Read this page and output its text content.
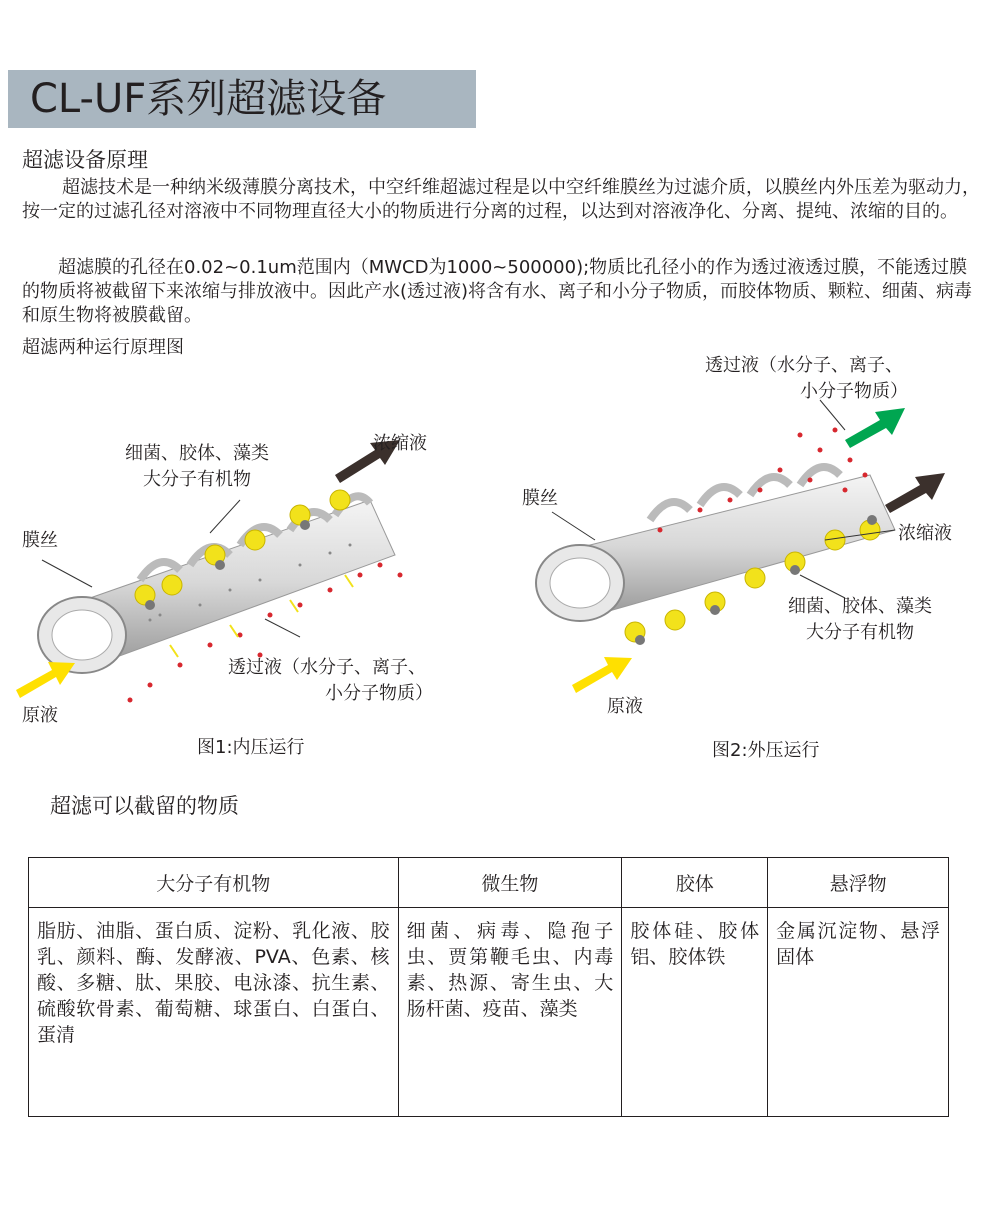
CL-UF系列超滤设备
超滤设备原理

超滤技术是一种纳米级薄膜分离技术，中空纤维超滤过程是以中空纤维膜丝为过滤介质，以膜丝内外压差为驱动力，按一定的过滤孔径对溶液中不同物理直径大小的物质进行分离的过程，以达到对溶液净化、分离、提纯、浓缩的目的。

超滤膜的孔径在0.02~0.1um范围内（MWCD为1000~500000);物质比孔径小的作为透过液透过膜，不能透过膜的物质将被截留下来浓缩与排放液中。因此产水(透过液)将含有水、离子和小分子物质，而胶体物质、颗粒、细菌、病毒和原生物将被膜截留。

超滤两种运行原理图
膜丝
细菌、胶体、藻类
大分子有机物
浓缩液
透过液（水分子、离子、
小分子物质）
原液
图1:内压运行
透过液（水分子、离子、
小分子物质）
膜丝
浓缩液
细菌、胶体、藻类
大分子有机物
原液
图2:外压运行
超滤可以截留的物质
大分子有机物	微生物	胶体	悬浮物
脂肪、油脂、蛋白质、淀粉、乳化液、胶乳、颜料、酶、发酵液、PVA、色素、核酸、多糖、肽、果胶、电泳漆、抗生素、硫酸软骨素、葡萄糖、球蛋白、白蛋白、蛋清	细菌、病毒、隐孢子虫、贾第鞭毛虫、内毒素、热源、寄生虫、大肠杆菌、疫苗、藻类	胶体硅、胶体铝、胶体铁	金属沉淀物、悬浮固体
